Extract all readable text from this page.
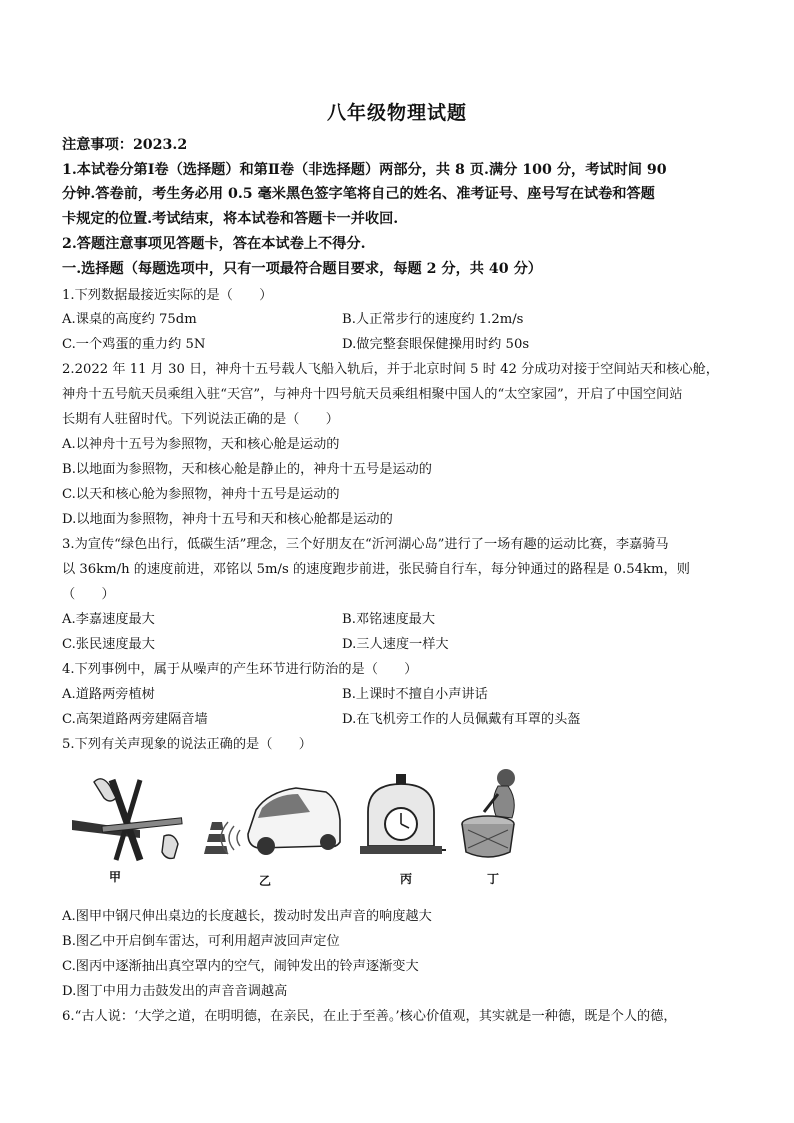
八年级物理试题
注意事项：2023.2
1.本试卷分第Ⅰ卷（选择题）和第Ⅱ卷（非选择题）两部分，共 8 页.满分 100 分，考试时间 90
分钟.答卷前，考生务必用 0.5 毫米黑色签字笔将自己的姓名、准考证号、座号写在试卷和答题
卡规定的位置.考试结束，将本试卷和答题卡一并收回.
2.答题注意事项见答题卡，答在本试卷上不得分.
一.选择题（每题选项中，只有一项最符合题目要求，每题 2 分，共 40 分）
1.下列数据最接近实际的是（　　）
A.课桌的高度约 75dm	B.人正常步行的速度约 1.2m/s
C.一个鸡蛋的重力约 5N	D.做完整套眼保健操用时约 50s
2.2022 年 11 月 30 日，神舟十五号载人飞船入轨后，并于北京时间 5 时 42 分成功对接于空间站天和核心舱，
神舟十五号航天员乘组入驻“天宫”，与神舟十四号航天员乘组相聚中国人的“太空家园”，开启了中国空间站
长期有人驻留时代。下列说法正确的是（　　）
A.以神舟十五号为参照物，天和核心舱是运动的
B.以地面为参照物，天和核心舱是静止的，神舟十五号是运动的
C.以天和核心舱为参照物，神舟十五号是运动的
D.以地面为参照物，神舟十五号和天和核心舱都是运动的
3.为宣传“绿色出行，低碳生活”理念，三个好朋友在“沂河湖心岛”进行了一场有趣的运动比赛，李嘉骑马
以 36km/h 的速度前进，邓铭以 5m/s 的速度跑步前进，张民骑自行车，每分钟通过的路程是 0.54km，则
（　　）
A.李嘉速度最大	B.邓铭速度最大
C.张民速度最大	D.三人速度一样大
4.下列事例中，属于从噪声的产生环节进行防治的是（　　）
A.道路两旁植树	B.上课时不擅自小声讲话
C.高架道路两旁建隔音墙	D.在飞机旁工作的人员佩戴有耳罩的头盔
5.下列有关声现象的说法正确的是（　　）
甲	乙	丙	丁
A.图甲中钢尺伸出桌边的长度越长，拨动时发出声音的响度越大
B.图乙中开启倒车雷达，可利用超声波回声定位
C.图丙中逐渐抽出真空罩内的空气，闹钟发出的铃声逐渐变大
D.图丁中用力击鼓发出的声音音调越高
6.“古人说：‘大学之道，在明明德，在亲民，在止于至善。’核心价值观，其实就是一种德，既是个人的德，
